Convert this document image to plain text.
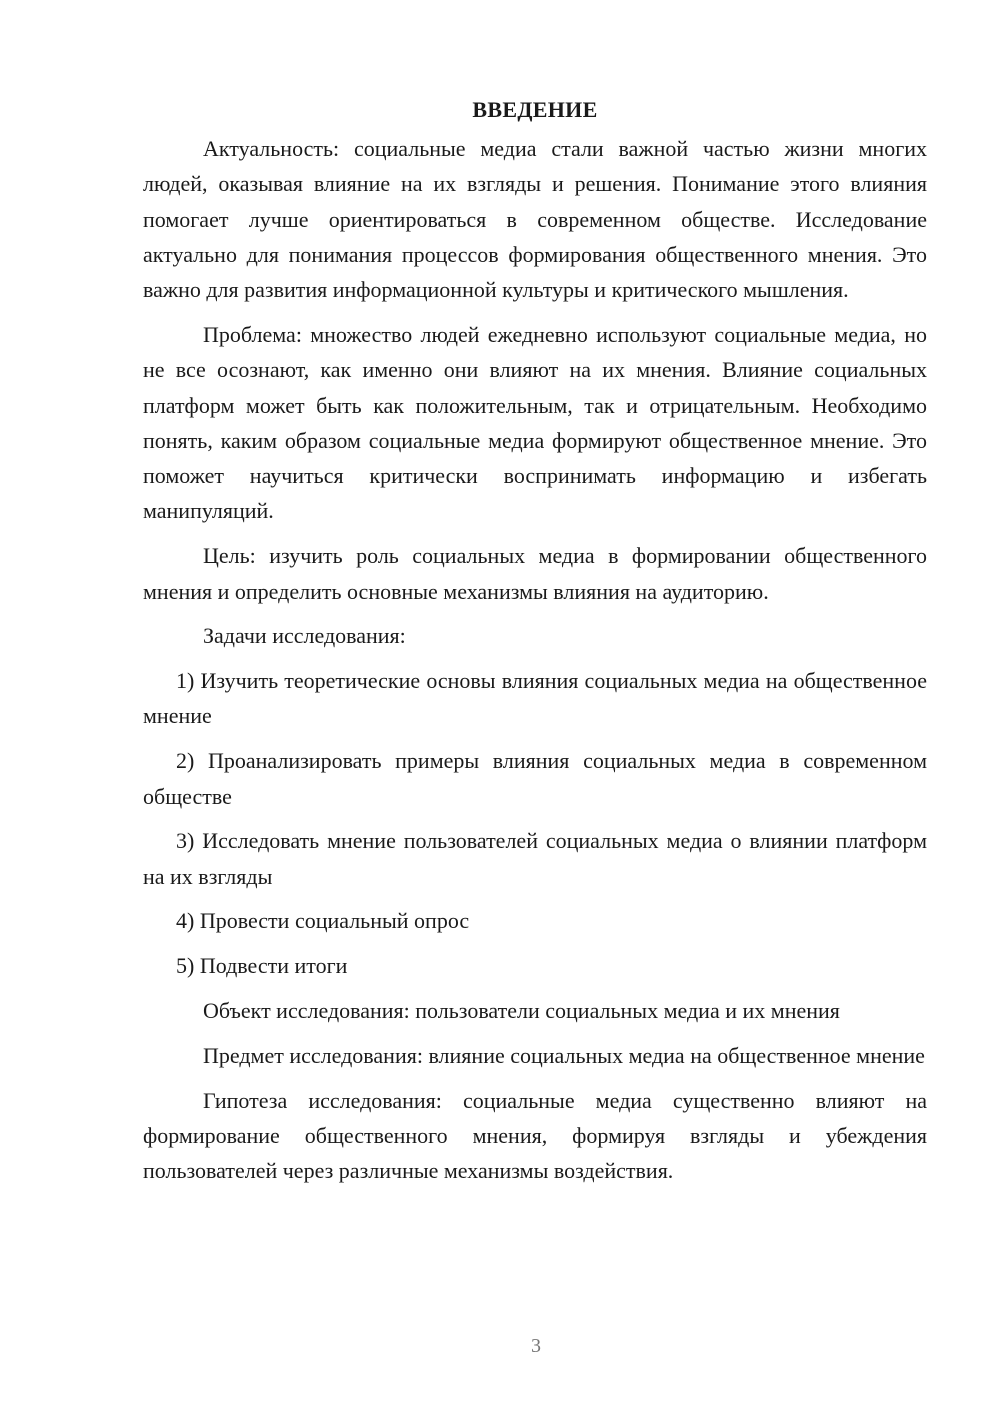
ВВЕДЕНИЕ

Актуальность: социальные медиа стали важной частью жизни многих людей, оказывая влияние на их взгляды и решения. Понимание этого влияния помогает лучше ориентироваться в современном обществе. Исследование актуально для понимания процессов формирования общественного мнения. Это важно для развития информационной культуры и критического мышления.

Проблема: множество людей ежедневно используют социальные медиа, но не все осознают, как именно они влияют на их мнения. Влияние социальных платформ может быть как положительным, так и отрицательным. Необходимо понять, каким образом социальные медиа формируют общественное мнение. Это поможет научиться критически воспринимать информацию и избегать манипуляций.

Цель: изучить роль социальных медиа в формировании общественного мнения и определить основные механизмы влияния на аудиторию.

Задачи исследования:

1) Изучить теоретические основы влияния социальных медиа на общественное мнение

2) Проанализировать примеры влияния социальных медиа в современном обществе

3) Исследовать мнение пользователей социальных медиа о влиянии платформ на их взгляды

4) Провести социальный опрос

5) Подвести итоги

Объект исследования: пользователи социальных медиа и их мнения

Предмет исследования: влияние социальных медиа на общественное мнение

Гипотеза исследования: социальные медиа существенно влияют на формирование общественного мнения, формируя взгляды и убеждения пользователей через различные механизмы воздействия.

3
